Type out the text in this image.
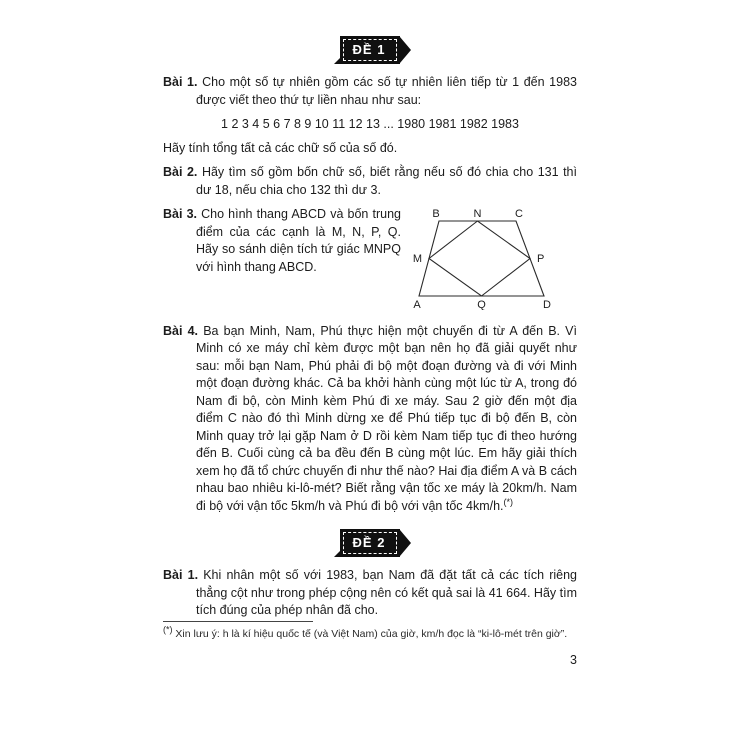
ĐỀ 1

Bài 1. Cho một số tự nhiên gồm các số tự nhiên liên tiếp từ 1 đến 1983 được viết theo thứ tự liền nhau như sau:

1 2 3 4 5 6 7 8 9 10 11 12 13 ... 1980 1981 1982 1983

Hãy tính tổng tất cả các chữ số của số đó.

Bài 2. Hãy tìm số gồm bốn chữ số, biết rằng nếu số đó chia cho 131 thì dư 18, nếu chia cho 132 thì dư 3.

Bài 3. Cho hình thang ABCD và bốn trung điểm của các cạnh là M, N, P, Q. Hãy so sánh diện tích tứ giác MNPQ với hình thang ABCD.

B	N	C
M	P
A	Q	D

Bài 4. Ba bạn Minh, Nam, Phú thực hiện một chuyến đi từ A đến B. Vì Minh có xe máy chỉ kèm được một bạn nên họ đã giải quyết như sau: mỗi bạn Nam, Phú phải đi bộ một đoạn đường và đi với Minh một đoạn đường khác. Cả ba khởi hành cùng một lúc từ A, trong đó Nam đi bộ, còn Minh kèm Phú đi xe máy. Sau 2 giờ đến một địa điểm C nào đó thì Minh dừng xe để Phú tiếp tục đi bộ đến B, còn Minh quay trở lại gặp Nam ở D rồi kèm Nam tiếp tục đi theo hướng đến B. Cuối cùng cả ba đều đến B cùng một lúc. Em hãy giải thích xem họ đã tổ chức chuyến đi như thế nào? Hai địa điểm A và B cách nhau bao nhiêu ki-lô-mét? Biết rằng vận tốc xe máy là 20km/h. Nam đi bộ với vận tốc 5km/h và Phú đi bộ với vận tốc 4km/h.(*)

ĐỀ 2

Bài 1. Khi nhân một số với 1983, bạn Nam đã đặt tất cả các tích riêng thẳng cột như trong phép cộng nên có kết quả sai là 41 664. Hãy tìm tích đúng của phép nhân đã cho.

(*) Xin lưu ý: h là kí hiệu quốc tế (và Việt Nam) của giờ, km/h đọc là “ki-lô-mét trên giờ”.

3
